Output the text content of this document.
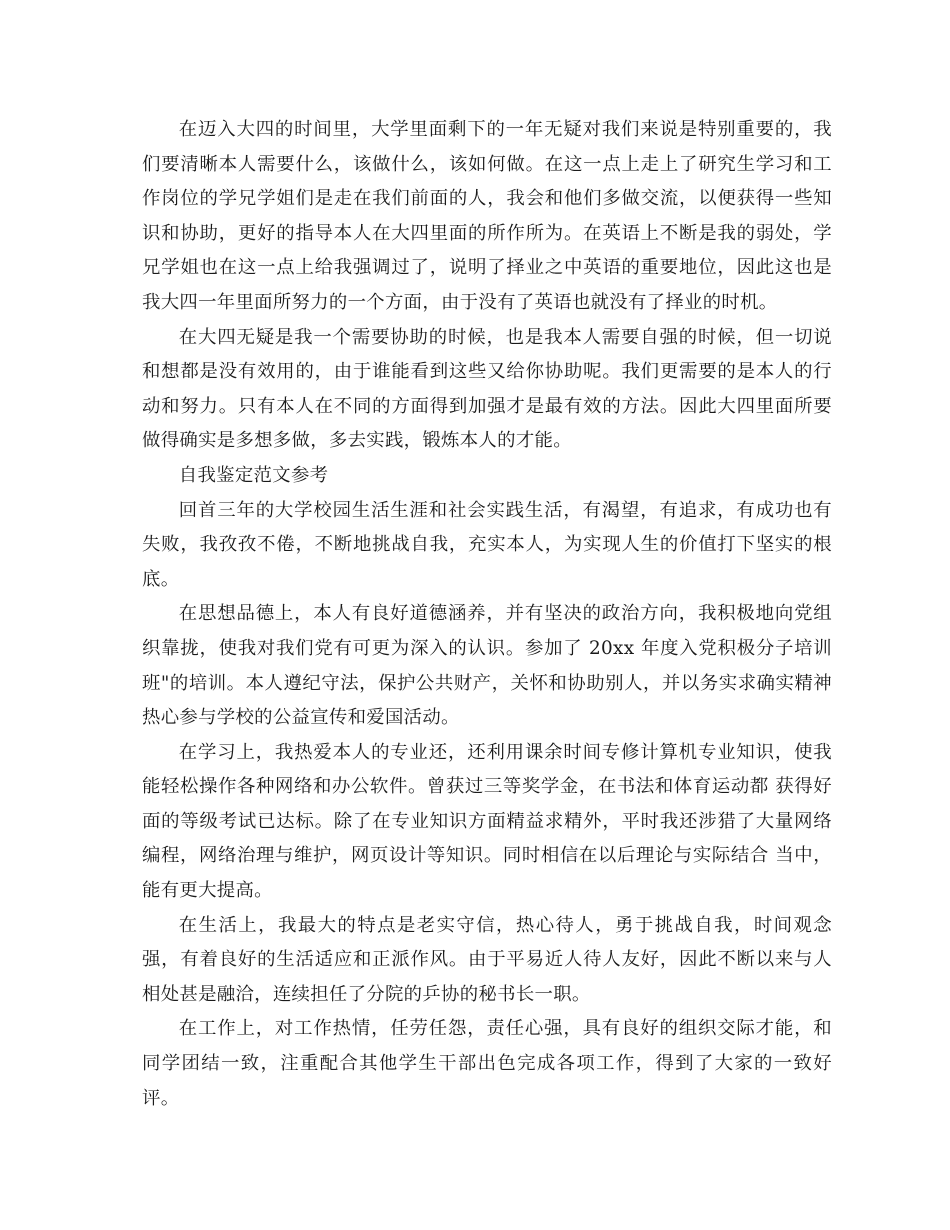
在迈入大四的时间里，大学里面剩下的一年无疑对我们来说是特别重要的，我们要清晰本人需要什么，该做什么，该如何做。在这一点上走上了研究生学习和工作岗位的学兄学姐们是走在我们前面的人，我会和他们多做交流，以便获得一些知识和协助，更好的指导本人在大四里面的所作所为。在英语上不断是我的弱处，学兄学姐也在这一点上给我强调过了，说明了择业之中英语的重要地位，因此这也是我大四一年里面所努力的一个方面，由于没有了英语也就没有了择业的时机。

在大四无疑是我一个需要协助的时候，也是我本人需要自强的时候，但一切说和想都是没有效用的，由于谁能看到这些又给你协助呢。我们更需要的是本人的行动和努力。只有本人在不同的方面得到加强才是最有效的方法。因此大四里面所要做得确实是多想多做，多去实践，锻炼本人的才能。

自我鉴定范文参考

回首三年的大学校园生活生涯和社会实践生活，有渴望，有追求，有成功也有失败，我孜孜不倦，不断地挑战自我，充实本人，为实现人生的价值打下坚实的根底。

在思想品德上，本人有良好道德涵养，并有坚决的政治方向，我积极地向党组织靠拢，使我对我们党有可更为深入的认识。参加了 20xx 年度入党积极分子培训班"的培训。本人遵纪守法，保护公共财产，关怀和协助别人，并以务实求确实精神热心参与学校的公益宣传和爱国活动。

在学习上，我热爱本人的专业还，还利用课余时间专修计算机专业知识，使我能轻松操作各种网络和办公软件。曾获过三等奖学金，在书法和体育运动都 获得好面的等级考试已达标。除了在专业知识方面精益求精外，平时我还涉猎了大量网络编程，网络治理与维护，网页设计等知识。同时相信在以后理论与实际结合 当中，能有更大提高。

在生活上，我最大的特点是老实守信，热心待人，勇于挑战自我，时间观念强，有着良好的生活适应和正派作风。由于平易近人待人友好，因此不断以来与人相处甚是融洽，连续担任了分院的乒协的秘书长一职。

在工作上，对工作热情，任劳任怨，责任心强，具有良好的组织交际才能，和同学团结一致，注重配合其他学生干部出色完成各项工作，得到了大家的一致好评。
